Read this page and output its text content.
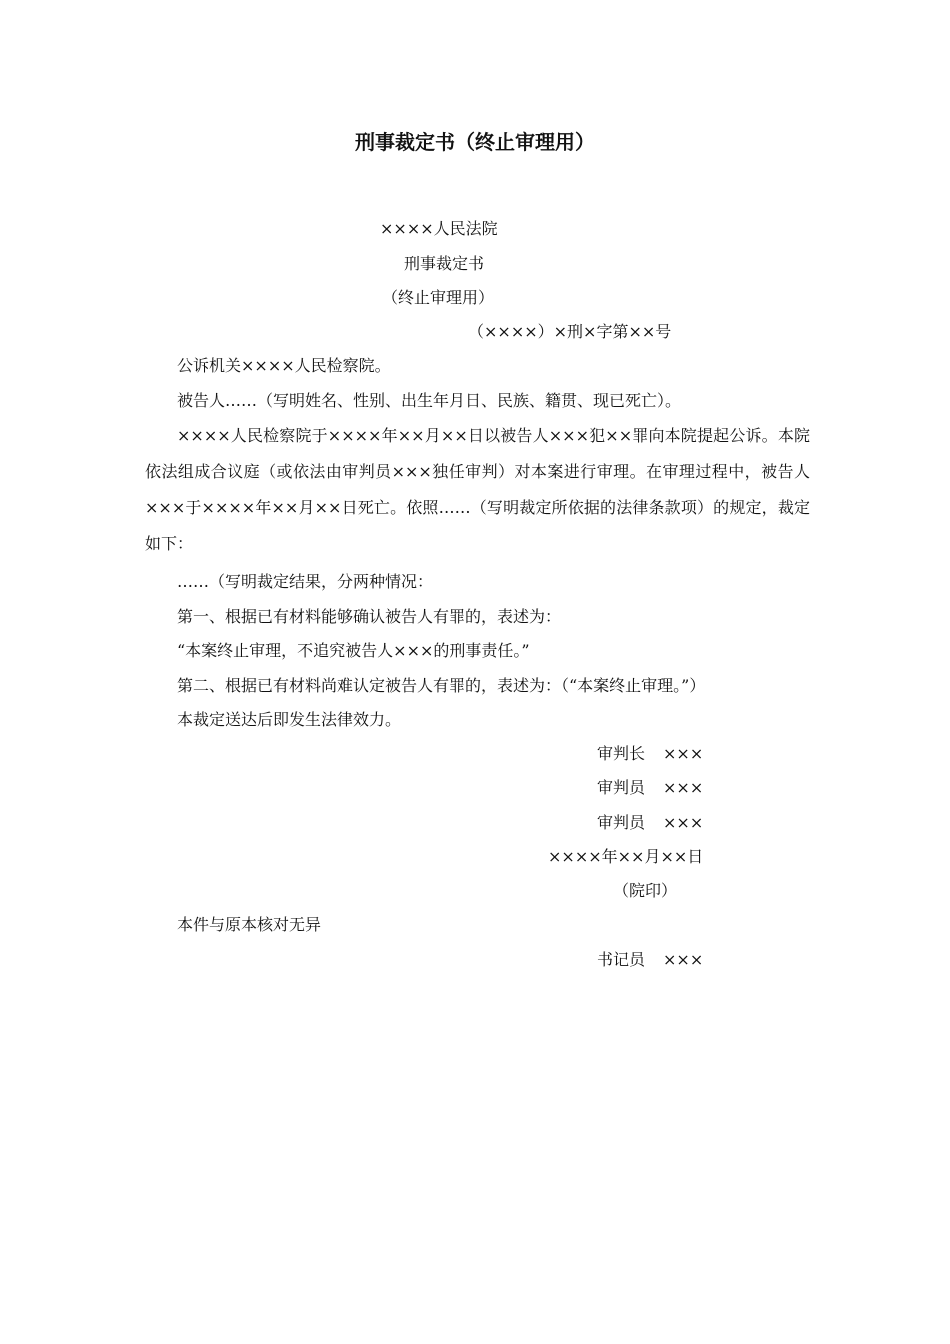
刑事裁定书（终止审理用）
××××人民法院
刑事裁定书
（终止审理用）
（××××）×刑×字第××号
公诉机关××××人民检察院。
被告人……（写明姓名、性别、出生年月日、民族、籍贯、现已死亡）。
××××人民检察院于××××年××月××日以被告人×××犯××罪向本院提起公诉。本院依法组成合议庭（或依法由审判员×××独任审判）对本案进行审理。在审理过程中，被告人×××于××××年××月××日死亡。依照……（写明裁定所依据的法律条款项）的规定，裁定如下：
……（写明裁定结果，分两种情况：
第一、根据已有材料能够确认被告人有罪的，表述为：
“本案终止审理，不追究被告人×××的刑事责任。”
第二、根据已有材料尚难认定被告人有罪的，表述为：（“本案终止审理。”）
本裁定送达后即发生法律效力。
审判长 ×××
审判员 ×××
审判员 ×××
××××年××月××日
（院印）
本件与原本核对无异
书记员 ×××
